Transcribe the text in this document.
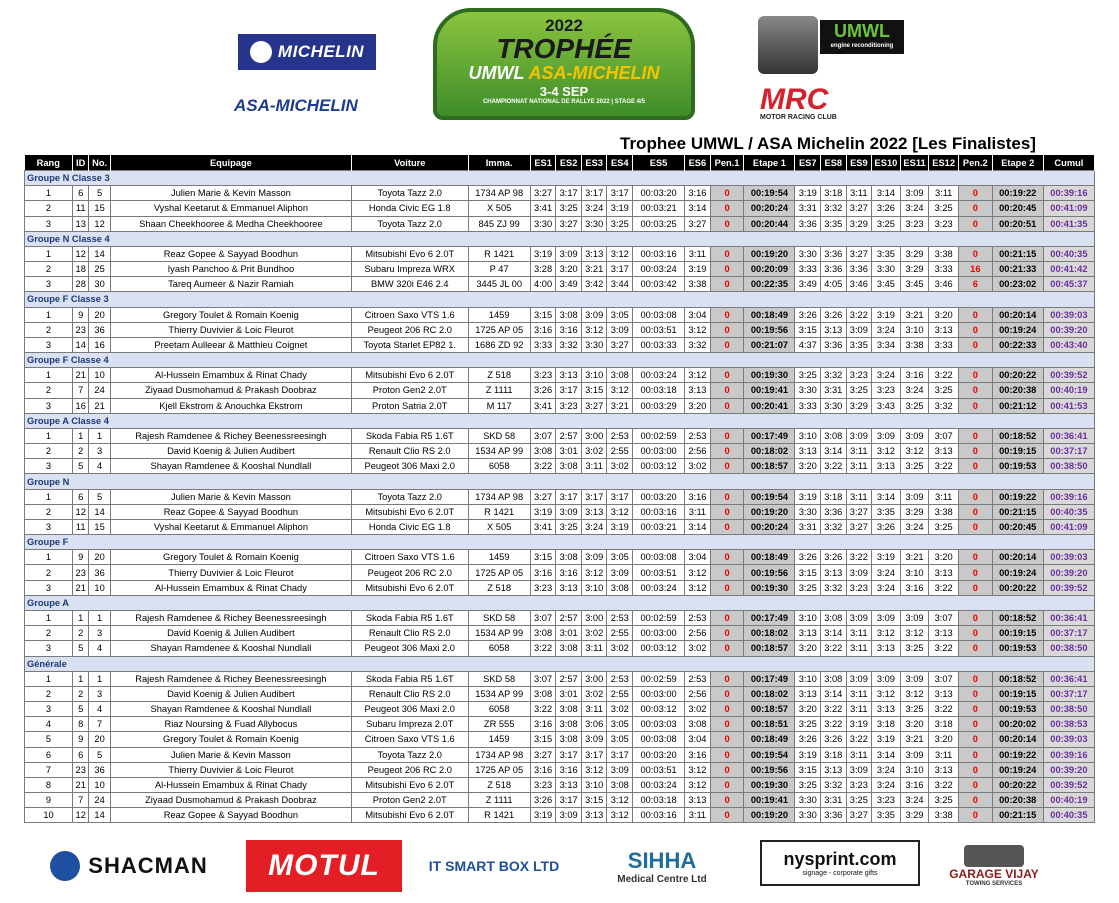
MICHELIN
ASA-MICHELIN
2022
TROPHÉE
UMWL ASA-MICHELIN
3-4 SEP
CHAMPIONNAT NATIONAL DE RALLYE 2022 | STAGE 4/5
UMWL
engine reconditioning
MRC
MOTOR RACING CLUB
Trophee UMWL / ASA Michelin 2022 [Les Finalistes]
Rang	ID	No.	Equipage	Voiture	Imma.	ES1	ES2	ES3	ES4	ES5	ES6	Pen.1	Etape 1	ES7	ES8	ES9	ES10	ES11	ES12	Pen.2	Etape 2	Cumul
Groupe N Classe 3																						
1	6	5	Julien Marie & Kevin Masson	Toyota Tazz 2.0	1734 AP 98	3:27	3:17	3:17	3:17	00:03:20	3:16	0	00:19:54	3:19	3:18	3:11	3:14	3:09	3:11	0	00:19:22	00:39:16
2	11	15	Vyshal Keetarut & Emmanuel Aliphon	Honda Civic EG 1.8	X 505	3:41	3:25	3:24	3:19	00:03:21	3:14	0	00:20:24	3:31	3:32	3:27	3:26	3:24	3:25	0	00:20:45	00:41:09
3	13	12	Shaan Cheekhooree & Medha Cheekhooree	Toyota Tazz 2.0	845 ZJ 99	3:30	3:27	3:30	3:25	00:03:25	3:27	0	00:20:44	3:36	3:35	3:29	3:25	3:23	3:23	0	00:20:51	00:41:35
Groupe N Classe 4																						
1	12	14	Reaz Gopee & Sayyad Boodhun	Mitsubishi Evo 6 2.0T	R 1421	3:19	3:09	3:13	3:12	00:03:16	3:11	0	00:19:20	3:30	3:36	3:27	3:35	3:29	3:38	0	00:21:15	00:40:35
2	18	25	Iyash Panchoo & Prit Bundhoo	Subaru Impreza WRX	P 47	3:28	3:20	3:21	3:17	00:03:24	3:19	0	00:20:09	3:33	3:36	3:36	3:30	3:29	3:33	16	00:21:33	00:41:42
3	28	30	Tareq Aumeer & Nazir Ramiah	BMW 320i E46 2.4	3445 JL 00	4:00	3:49	3:42	3:44	00:03:42	3:38	0	00:22:35	3:49	4:05	3:46	3:45	3:45	3:46	6	00:23:02	00:45:37
Groupe F Classe 3																						
1	9	20	Gregory Toulet & Romain Koenig	Citroen Saxo VTS 1.6	1459	3:15	3:08	3:09	3:05	00:03:08	3:04	0	00:18:49	3:26	3:26	3:22	3:19	3:21	3:20	0	00:20:14	00:39:03
2	23	36	Thierry Duvivier & Loic Fleurot	Peugeot 206 RC 2.0	1725 AP 05	3:16	3:16	3:12	3:09	00:03:51	3:12	0	00:19:56	3:15	3:13	3:09	3:24	3:10	3:13	0	00:19:24	00:39:20
3	14	16	Preetam Aulleear & Matthieu Coignet	Toyota Starlet EP82 1.	1686 ZD 92	3:33	3:32	3:30	3:27	00:03:33	3:32	0	00:21:07	4:37	3:36	3:35	3:34	3:38	3:33	0	00:22:33	00:43:40
Groupe F Classe 4																						
1	21	10	Al-Hussein Emambux & Rinat Chady	Mitsubishi Evo 6 2.0T	Z 518	3:23	3:13	3:10	3:08	00:03:24	3:12	0	00:19:30	3:25	3:32	3:23	3:24	3:16	3:22	0	00:20:22	00:39:52
2	7	24	Ziyaad Dusmohamud & Prakash Doobraz	Proton Gen2 2.0T	Z 1111	3:26	3:17	3:15	3:12	00:03:18	3:13	0	00:19:41	3:30	3:31	3:25	3:23	3:24	3:25	0	00:20:38	00:40:19
3	16	21	Kjell Ekstrom & Anouchka Ekstrom	Proton Satria 2.0T	M 117	3:41	3:23	3:27	3:21	00:03:29	3:20	0	00:20:41	3:33	3:30	3:29	3:43	3:25	3:32	0	00:21:12	00:41:53
Groupe A Classe 4																						
1	1	1	Rajesh Ramdenee & Richey Beenessreesingh	Skoda Fabia R5 1.6T	SKD 58	3:07	2:57	3:00	2:53	00:02:59	2:53	0	00:17:49	3:10	3:08	3:09	3:09	3:09	3:07	0	00:18:52	00:36:41
2	2	3	David Koenig & Julien Audibert	Renault Clio RS 2.0	1534 AP 99	3:08	3:01	3:02	2:55	00:03:00	2:56	0	00:18:02	3:13	3:14	3:11	3:12	3:12	3:13	0	00:19:15	00:37:17
3	5	4	Shayan Ramdenee & Kooshal Nundlall	Peugeot 306 Maxi 2.0	6058	3:22	3:08	3:11	3:02	00:03:12	3:02	0	00:18:57	3:20	3:22	3:11	3:13	3:25	3:22	0	00:19:53	00:38:50
Groupe N																						
1	6	5	Julien Marie & Kevin Masson	Toyota Tazz 2.0	1734 AP 98	3:27	3:17	3:17	3:17	00:03:20	3:16	0	00:19:54	3:19	3:18	3:11	3:14	3:09	3:11	0	00:19:22	00:39:16
2	12	14	Reaz Gopee & Sayyad Boodhun	Mitsubishi Evo 6 2.0T	R 1421	3:19	3:09	3:13	3:12	00:03:16	3:11	0	00:19:20	3:30	3:36	3:27	3:35	3:29	3:38	0	00:21:15	00:40:35
3	11	15	Vyshal Keetarut & Emmanuel Aliphon	Honda Civic EG 1.8	X 505	3:41	3:25	3:24	3:19	00:03:21	3:14	0	00:20:24	3:31	3:32	3:27	3:26	3:24	3:25	0	00:20:45	00:41:09
Groupe F																						
1	9	20	Gregory Toulet & Romain Koenig	Citroen Saxo VTS 1.6	1459	3:15	3:08	3:09	3:05	00:03:08	3:04	0	00:18:49	3:26	3:26	3:22	3:19	3:21	3:20	0	00:20:14	00:39:03
2	23	36	Thierry Duvivier & Loic Fleurot	Peugeot 206 RC 2.0	1725 AP 05	3:16	3:16	3:12	3:09	00:03:51	3:12	0	00:19:56	3:15	3:13	3:09	3:24	3:10	3:13	0	00:19:24	00:39:20
3	21	10	Al-Hussein Emambux & Rinat Chady	Mitsubishi Evo 6 2.0T	Z 518	3:23	3:13	3:10	3:08	00:03:24	3:12	0	00:19:30	3:25	3:32	3:23	3:24	3:16	3:22	0	00:20:22	00:39:52
Groupe A																						
1	1	1	Rajesh Ramdenee & Richey Beenessreesingh	Skoda Fabia R5 1.6T	SKD 58	3:07	2:57	3:00	2:53	00:02:59	2:53	0	00:17:49	3:10	3:08	3:09	3:09	3:09	3:07	0	00:18:52	00:36:41
2	2	3	David Koenig & Julien Audibert	Renault Clio RS 2.0	1534 AP 99	3:08	3:01	3:02	2:55	00:03:00	2:56	0	00:18:02	3:13	3:14	3:11	3:12	3:12	3:13	0	00:19:15	00:37:17
3	5	4	Shayan Ramdenee & Kooshal Nundlall	Peugeot 306 Maxi 2.0	6058	3:22	3:08	3:11	3:02	00:03:12	3:02	0	00:18:57	3:20	3:22	3:11	3:13	3:25	3:22	0	00:19:53	00:38:50
Générale																						
1	1	1	Rajesh Ramdenee & Richey Beenessreesingh	Skoda Fabia R5 1.6T	SKD 58	3:07	2:57	3:00	2:53	00:02:59	2:53	0	00:17:49	3:10	3:08	3:09	3:09	3:09	3:07	0	00:18:52	00:36:41
2	2	3	David Koenig & Julien Audibert	Renault Clio RS 2.0	1534 AP 99	3:08	3:01	3:02	2:55	00:03:00	2:56	0	00:18:02	3:13	3:14	3:11	3:12	3:12	3:13	0	00:19:15	00:37:17
3	5	4	Shayan Ramdenee & Kooshal Nundlall	Peugeot 306 Maxi 2.0	6058	3:22	3:08	3:11	3:02	00:03:12	3:02	0	00:18:57	3:20	3:22	3:11	3:13	3:25	3:22	0	00:19:53	00:38:50
4	8	7	Riaz Noursing & Fuad Allybocus	Subaru Impreza 2.0T	ZR 555	3:16	3:08	3:06	3:05	00:03:03	3:08	0	00:18:51	3:25	3:22	3:19	3:18	3:20	3:18	0	00:20:02	00:38:53
5	9	20	Gregory Toulet & Romain Koenig	Citroen Saxo VTS 1.6	1459	3:15	3:08	3:09	3:05	00:03:08	3:04	0	00:18:49	3:26	3:26	3:22	3:19	3:21	3:20	0	00:20:14	00:39:03
6	6	5	Julien Marie & Kevin Masson	Toyota Tazz 2.0	1734 AP 98	3:27	3:17	3:17	3:17	00:03:20	3:16	0	00:19:54	3:19	3:18	3:11	3:14	3:09	3:11	0	00:19:22	00:39:16
7	23	36	Thierry Duvivier & Loic Fleurot	Peugeot 206 RC 2.0	1725 AP 05	3:16	3:16	3:12	3:09	00:03:51	3:12	0	00:19:56	3:15	3:13	3:09	3:24	3:10	3:13	0	00:19:24	00:39:20
8	21	10	Al-Hussein Emambux & Rinat Chady	Mitsubishi Evo 6 2.0T	Z 518	3:23	3:13	3:10	3:08	00:03:24	3:12	0	00:19:30	3:25	3:32	3:23	3:24	3:16	3:22	0	00:20:22	00:39:52
9	7	24	Ziyaad Dusmohamud & Prakash Doobraz	Proton Gen2 2.0T	Z 1111	3:26	3:17	3:15	3:12	00:03:18	3:13	0	00:19:41	3:30	3:31	3:25	3:23	3:24	3:25	0	00:20:38	00:40:19
10	12	14	Reaz Gopee & Sayyad Boodhun	Mitsubishi Evo 6 2.0T	R 1421	3:19	3:09	3:13	3:12	00:03:16	3:11	0	00:19:20	3:30	3:36	3:27	3:35	3:29	3:38	0	00:21:15	00:40:35
SHACMAN	MOTUL	IT SMART BOX LTD	SIHHA
Medical Centre Ltd
nysprint.com
signage - corporate gifts	GARAGE VIJAY
TOWING SERVICES
